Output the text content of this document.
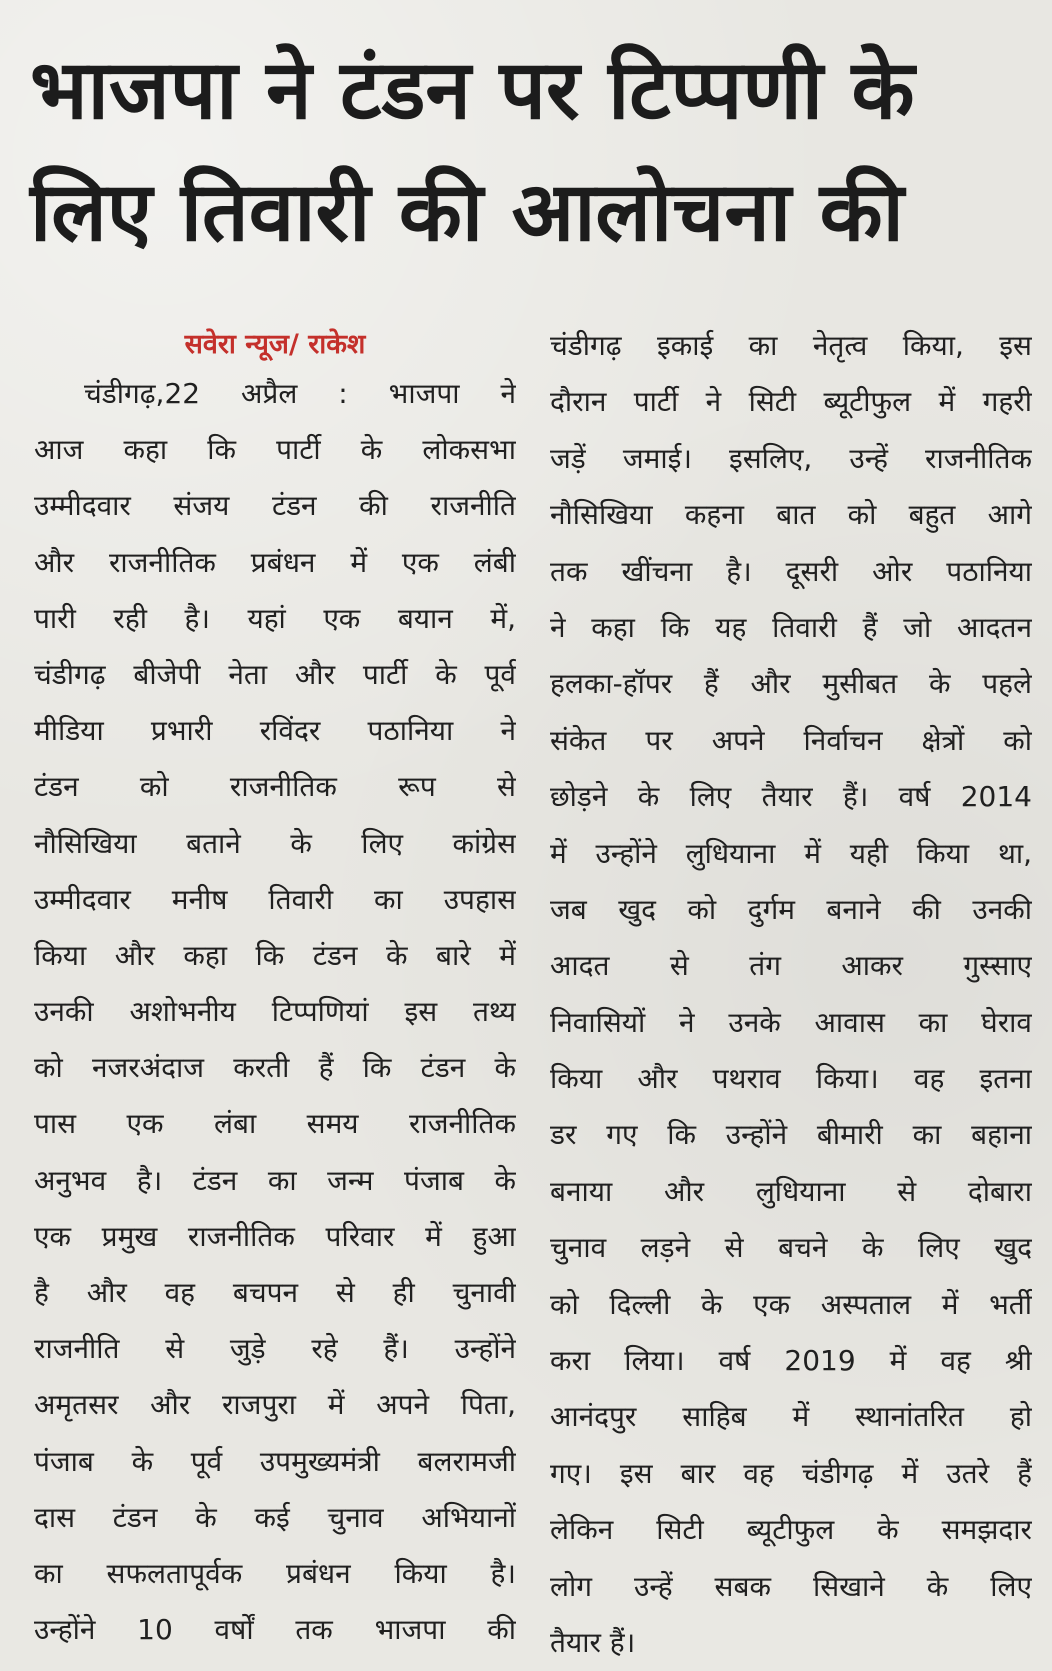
भाजपा ने टंडन पर टिप्पणी के
लिए तिवारी की आलोचना की
सवेरा न्यूज/ राकेश
चंडीगढ़,22 अप्रैल : भाजपा ने
आज कहा कि पार्टी के लोकसभा
उम्मीदवार संजय टंडन की राजनीति
और राजनीतिक प्रबंधन में एक लंबी
पारी रही है। यहां एक बयान में,
चंडीगढ़ बीजेपी नेता और पार्टी के पूर्व
मीडिया प्रभारी रविंदर पठानिया ने
टंडन को राजनीतिक रूप से
नौसिखिया बताने के लिए कांग्रेस
उम्मीदवार मनीष तिवारी का उपहास
किया और कहा कि टंडन के बारे में
उनकी अशोभनीय टिप्पणियां इस तथ्य
को नजरअंदाज करती हैं कि टंडन के
पास एक लंबा समय राजनीतिक
अनुभव है। टंडन का जन्म पंजाब के
एक प्रमुख राजनीतिक परिवार में हुआ
है और वह बचपन से ही चुनावी
राजनीति से जुड़े रहे हैं। उन्होंने
अमृतसर और राजपुरा में अपने पिता,
पंजाब के पूर्व उपमुख्यमंत्री बलरामजी
दास टंडन के कई चुनाव अभियानों
का सफलतापूर्वक प्रबंधन किया है।
उन्होंने 10 वर्षों तक भाजपा की
चंडीगढ़ इकाई का नेतृत्व किया, इस
दौरान पार्टी ने सिटी ब्यूटीफुल में गहरी
जड़ें जमाई। इसलिए, उन्हें राजनीतिक
नौसिखिया कहना बात को बहुत आगे
तक खींचना है। दूसरी ओर पठानिया
ने कहा कि यह तिवारी हैं जो आदतन
हलका-हॉपर हैं और मुसीबत के पहले
संकेत पर अपने निर्वाचन क्षेत्रों को
छोड़ने के लिए तैयार हैं। वर्ष 2014
में उन्होंने लुधियाना में यही किया था,
जब खुद को दुर्गम बनाने की उनकी
आदत से तंग आकर गुस्साए
निवासियों ने उनके आवास का घेराव
किया और पथराव किया। वह इतना
डर गए कि उन्होंने बीमारी का बहाना
बनाया और लुधियाना से दोबारा
चुनाव लड़ने से बचने के लिए खुद
को दिल्ली के एक अस्पताल में भर्ती
करा लिया। वर्ष 2019 में वह श्री
आनंदपुर साहिब में स्थानांतरित हो
गए। इस बार वह चंडीगढ़ में उतरे हैं
लेकिन सिटी ब्यूटीफुल के समझदार
लोग उन्हें सबक सिखाने के लिए
तैयार हैं।
